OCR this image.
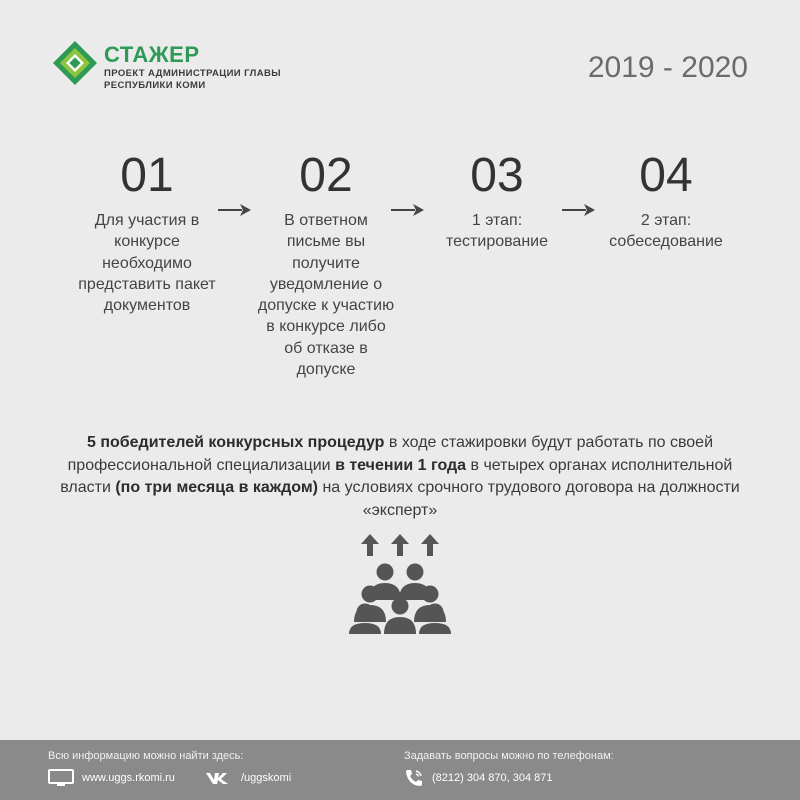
СТАЖЕР
ПРОЕКТ АДМИНИСТРАЦИИ ГЛАВЫ
РЕСПУБЛИКИ КОМИ
2019 - 2020
01
Для участия в конкурсе необходимо представить пакет документов
02
В ответном письме вы получите уведомление о допуске к участию в конкурсе либо об отказе в допуске
03
1 этап: тестирование
04
2 этап: собеседование

5 победителей конкурсных процедур в ходе стажировки будут работать по своей профессиональной специализации в течении 1 года в четырех органах исполнительной власти (по три месяца в каждом) на условиях срочного трудового договора на должности «эксперт»

Всю информацию можно найти здесь:	Задавать вопросы можно по телефонам:
www.uggs.rkomi.ru	/uggskomi	(8212) 304 870, 304 871
